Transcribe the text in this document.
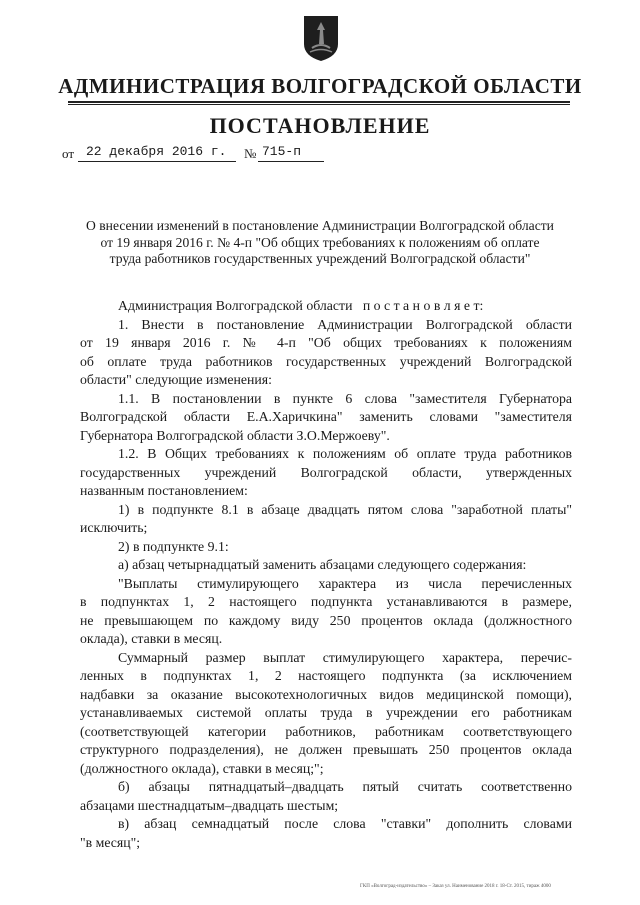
АДМИНИСТРАЦИЯ ВОЛГОГРАДСКОЙ ОБЛАСТИ
ПОСТАНОВЛЕНИЕ
от 22 декабря 2016 г.	№ 715-п
О внесении изменений в постановление Администрации Волгоградской области
от 19 января 2016 г. № 4-п "Об общих требованиях к положениям об оплате
труда работников государственных учреждений Волгоградской области"
Администрация Волгоградской области п о с т а н о в л я е т:
1. Внести в постановление Администрации Волгоградской области
от 19 января 2016 г. № 4-п "Об общих требованиях к положениям
об оплате труда работников государственных учреждений Волгоградской
области" следующие изменения:
1.1. В постановлении в пункте 6 слова "заместителя Губернатора
Волгоградской области Е.А.Харичкина" заменить словами "заместителя
Губернатора Волгоградской области З.О.Мержоеву".
1.2. В Общих требованиях к положениям об оплате труда работников
государственных учреждений Волгоградской области, утвержденных
названным постановлением:
1) в подпункте 8.1 в абзаце двадцать пятом слова "заработной платы"
исключить;
2) в подпункте 9.1:
а) абзац четырнадцатый заменить абзацами следующего содержания:
"Выплаты стимулирующего характера из числа перечисленных
в подпунктах 1, 2 настоящего подпункта устанавливаются в размере,
не превышающем по каждому виду 250 процентов оклада (должностного
оклада), ставки в месяц.
Суммарный размер выплат стимулирующего характера, перечис-
ленных в подпунктах 1, 2 настоящего подпункта (за исключением
надбавки за оказание высокотехнологичных видов медицинской помощи),
устанавливаемых системой оплаты труда в учреждении его работникам
(соответствующей категории работников, работникам соответствующего
структурного подразделения), не должен превышать 250 процентов оклада
(должностного оклада), ставки в месяц;";
б) абзацы пятнадцатый–двадцать пятый считать соответственно
абзацами шестнадцатым–двадцать шестым;
в) абзац семнадцатый после слова "ставки" дополнить словами
"в месяц";
ГКП «Волгоград-издательство» – Заказ ул. Наименование 2018 г. 18-Ст. 2015, тираж 4000
